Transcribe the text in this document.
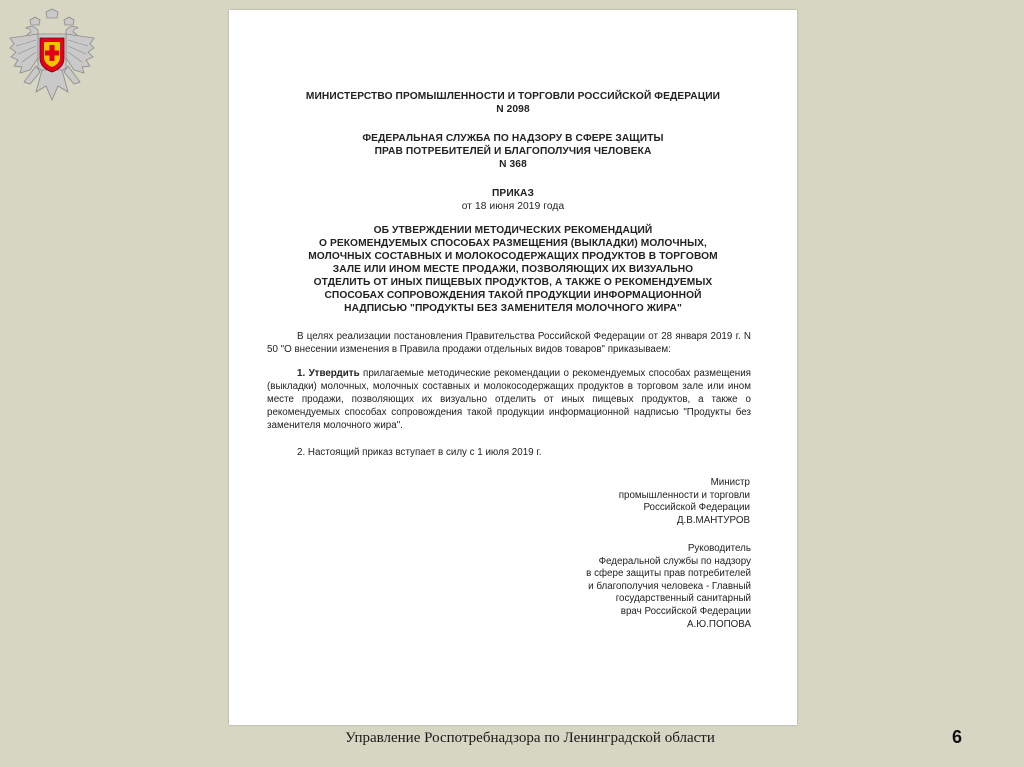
МИНИСТЕРСТВО ПРОМЫШЛЕННОСТИ И ТОРГОВЛИ РОССИЙСКОЙ ФЕДЕРАЦИИ
N 2098
ФЕДЕРАЛЬНАЯ СЛУЖБА ПО НАДЗОРУ В СФЕРЕ ЗАЩИТЫ
ПРАВ ПОТРЕБИТЕЛЕЙ И БЛАГОПОЛУЧИЯ ЧЕЛОВЕКА
N 368
ПРИКАЗ
от 18 июня 2019 года
ОБ УТВЕРЖДЕНИИ МЕТОДИЧЕСКИХ РЕКОМЕНДАЦИЙ
О РЕКОМЕНДУЕМЫХ СПОСОБАХ РАЗМЕЩЕНИЯ (ВЫКЛАДКИ) МОЛОЧНЫХ,
МОЛОЧНЫХ СОСТАВНЫХ И МОЛОКОСОДЕРЖАЩИХ ПРОДУКТОВ В ТОРГОВОМ
ЗАЛЕ ИЛИ ИНОМ МЕСТЕ ПРОДАЖИ, ПОЗВОЛЯЮЩИХ ИХ ВИЗУАЛЬНО
ОТДЕЛИТЬ ОТ ИНЫХ ПИЩЕВЫХ ПРОДУКТОВ, А ТАКЖЕ О РЕКОМЕНДУЕМЫХ
СПОСОБАХ СОПРОВОЖДЕНИЯ ТАКОЙ ПРОДУКЦИИ ИНФОРМАЦИОННОЙ
НАДПИСЬЮ "ПРОДУКТЫ БЕЗ ЗАМЕНИТЕЛЯ МОЛОЧНОГО ЖИРА"
В целях реализации постановления Правительства Российской Федерации от 28 января 2019 г. N 50 "О внесении изменения в Правила продажи отдельных видов товаров" приказываем:
1. Утвердить прилагаемые методические рекомендации о рекомендуемых способах размещения (выкладки) молочных, молочных составных и молокосодержащих продуктов в торговом зале или ином месте продажи, позволяющих их визуально отделить от иных пищевых продуктов, а также о рекомендуемых способах сопровождения такой продукции информационной надписью "Продукты без заменителя молочного жира".
2. Настоящий приказ вступает в силу с 1 июля 2019 г.
Министр
промышленности и торговли
Российской Федерации
Д.В.МАНТУРОВ
Руководитель
Федеральной службы по надзору
в сфере защиты прав потребителей
и благополучия человека - Главный
государственный санитарный
врач Российской Федерации
А.Ю.ПОПОВА
Управление Роспотребнадзора по Ленинградской области	6
